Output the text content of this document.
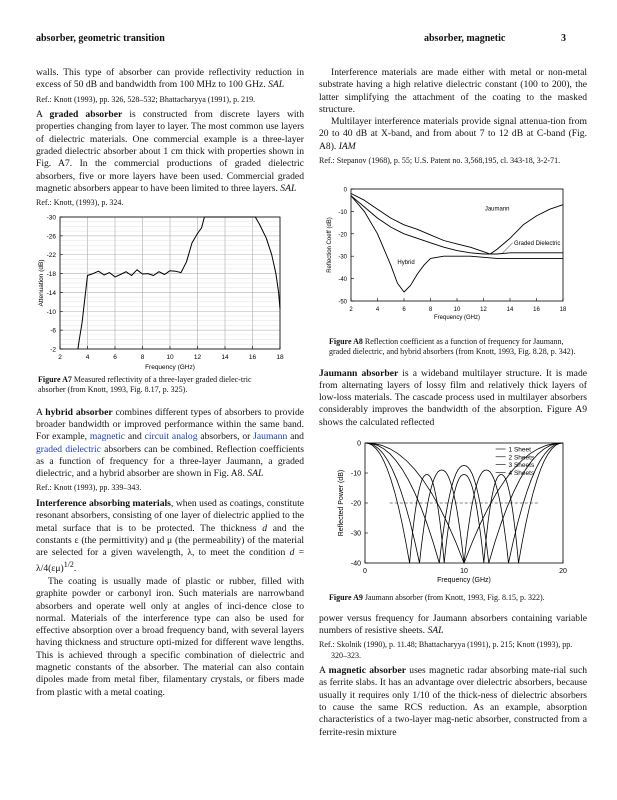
absorber, geometric transition	absorber, magnetic	3

walls. This type of absorber can provide reflectivity reduction in excess of 50 dB and bandwidth from 100 MHz to 100 GHz. SAL

Ref.: Knott (1993), pp. 326, 528–532; Bhattacharyya (1991), p. 219.

A graded absorber is constructed from discrete layers with properties changing from layer to layer. The most common use layers of dielectric materials. One commercial example is a three-layer graded dielectric absorber about 1 cm thick with properties shown in Fig. A7. In the commercial productions of graded dielectric absorbers, five or more layers have been used. Commercial graded magnetic absorbers appear to have been limited to three layers. SAL

Ref.: Knott, (1993), p. 324.

2	4	6	8	10	12	14	16	18
-30
-26
-22
-18
-14
-10
-6
-2
Frequency (GHz)
Attenuation (dB)

Figure A7 Measured reflectivity of a three-layer graded dielec-tric absorber (from Knott, 1993, Fig. 8.17, p. 325).

A hybrid absorber combines different types of absorbers to provide broader bandwidth or improved performance within the same band. For example, magnetic and circuit analog absorbers, or Jaumann and graded dielectric absorbers can be combined. Reflection coefficients as a function of frequency for a three-layer Jaumann, a graded dielectric, and a hybrid absorber are shown in Fig. A8. SAL

Ref.: Knott (1993), pp. 339–343.

Interference absorbing materials, when used as coatings, constitute resonant absorbers, consisting of one layer of dielectric applied to the metal surface that is to be protected. The thickness d and the constants ε (the permittivity) and μ (the permeability) of the material are selected for a given wavelength, λ, to meet the condition $d = \lambda/4(\varepsilon\mu)^{1/2}$.

The coating is usually made of plastic or rubber, filled with graphite powder or carbonyl iron. Such materials are narrowband absorbers and operate well only at angles of inci-dence close to normal. Materials of the interference type can also be used for effective absorption over a broad frequency band, with several layers having thickness and structure opti-mized for different wave lengths. This is achieved through a specific combination of dielectric and magnetic constants of the absorber. The material can also contain dipoles made from metal fiber, filamentary crystals, or fibers made from plastic with a metal coating.

Interference materials are made either with metal or non-metal substrate having a high relative dielectric constant (100 to 200), the latter simplifying the attachment of the coating to the masked structure.

Multilayer interference materials provide signal attenua-tion from 20 to 40 dB at X-band, and from about 7 to 12 dB at C-band (Fig. A8). IAM

Ref.: Stepanov (1968), p. 55; U.S. Patent no. 3,568,195, cl. 343-18, 3-2-71.

2	4	6	8	10	12	14	16	18
0
-10
-20
-30
-40
-50
Frequency (GHz)
Reflection Coeff (dB)
Jaumann
Graded Dielectric
Hybrid

Figure A8 Reflection coefficient as a function of frequency for Jaumann, graded dielectric, and hybrid absorbers (from Knott, 1993, Fig. 8.28, p. 342).

Jaumann absorber is a wideband multilayer structure. It is made from alternating layers of lossy film and relatively thick layers of low-loss materials. The cascade process used in multilayer absorbers considerably improves the bandwidth of the absorption. Figure A9 shows the calculated reflected

0	10	20
0
-10
-20
-30
-40
Frequency (GHz)
Reflected Power (dB)
1 Sheet
2 Sheets
3 Sheets
4 Sheets

Figure A9 Jaumann absorber (from Knott, 1993, Fig. 8.15, p. 322).

power versus frequency for Jaumann absorbers containing variable numbers of resistive sheets. SAL

Ref.: Skolnik (1990), p. 11.48; Bhattacharyya (1991), p. 215; Knott (1993), pp. 320–323.

A magnetic absorber uses magnetic radar absorbing mate-rial such as ferrite slabs. It has an advantage over dielectric absorbers, because usually it requires only 1/10 of the thick-ness of dielectric absorbers to cause the same RCS reduction. As an example, absorption characteristics of a two-layer mag-netic absorber, constructed from a ferrite-resin mixture
